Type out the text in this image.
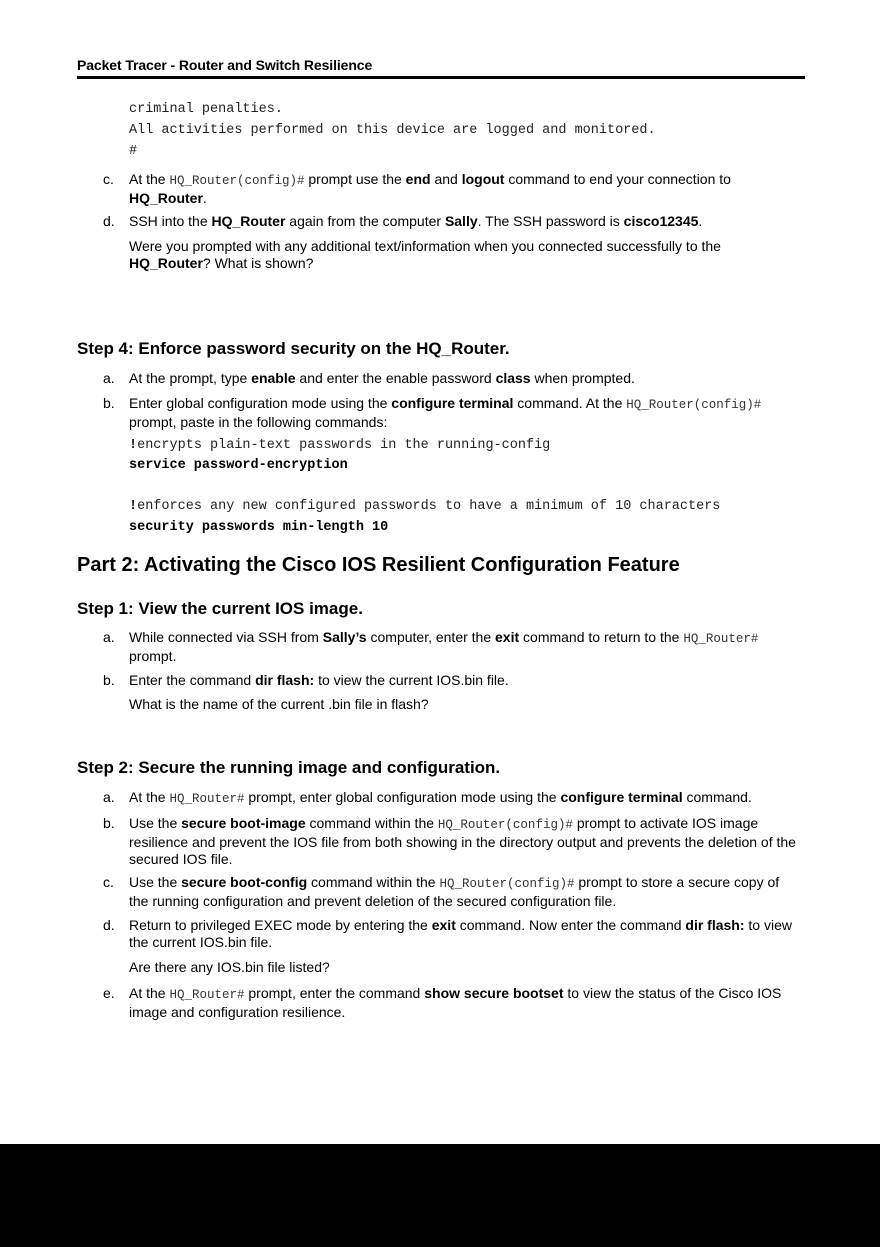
Packet Tracer - Router and Switch Resilience
criminal penalties.
All activities performed on this device are logged and monitored.
#
c. At the HQ_Router(config)# prompt use the end and logout command to end your connection to HQ_Router.
d. SSH into the HQ_Router again from the computer Sally. The SSH password is cisco12345.
Were you prompted with any additional text/information when you connected successfully to the HQ_Router? What is shown?
Step 4: Enforce password security on the HQ_Router.
a. At the prompt, type enable and enter the enable password class when prompted.
b. Enter global configuration mode using the configure terminal command. At the HQ_Router(config)# prompt, paste in the following commands:
!encrypts plain-text passwords in the running-config
service password-encryption
!enforces any new configured passwords to have a minimum of 10 characters
security passwords min-length 10
Part 2: Activating the Cisco IOS Resilient Configuration Feature
Step 1: View the current IOS image.
a. While connected via SSH from Sally’s computer, enter the exit command to return to the HQ_Router# prompt.
b. Enter the command dir flash: to view the current IOS.bin file.
What is the name of the current .bin file in flash?
Step 2: Secure the running image and configuration.
a. At the HQ_Router# prompt, enter global configuration mode using the configure terminal command.
b. Use the secure boot-image command within the HQ_Router(config)# prompt to activate IOS image resilience and prevent the IOS file from both showing in the directory output and prevents the deletion of the secured IOS file.
c. Use the secure boot-config command within the HQ_Router(config)# prompt to store a secure copy of the running configuration and prevent deletion of the secured configuration file.
d. Return to privileged EXEC mode by entering the exit command. Now enter the command dir flash: to view the current IOS.bin file.
Are there any IOS.bin file listed?
e. At the HQ_Router# prompt, enter the command show secure bootset to view the status of the Cisco IOS image and configuration resilience.
